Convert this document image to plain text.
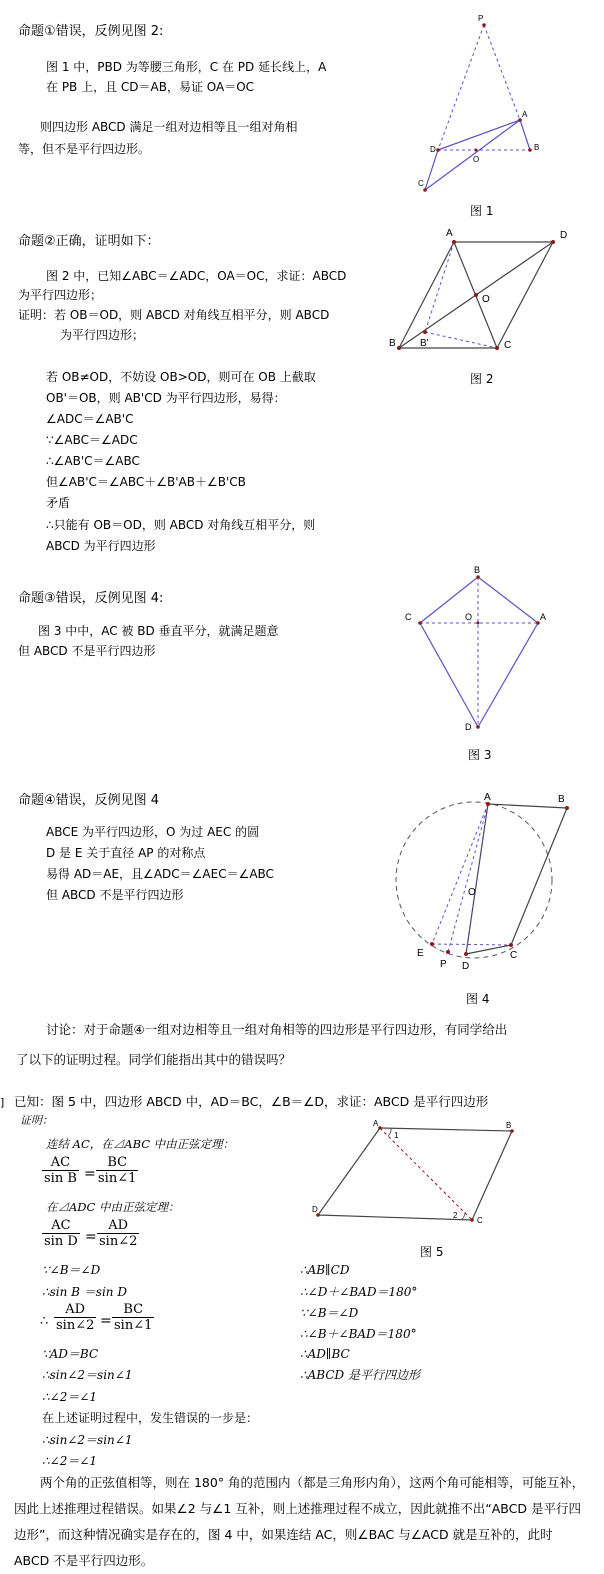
命题①错误，反例见图 2:
图 1 中，PBD 为等腰三角形，C 在 PD 延长线上，A
在 PB 上，且 CD＝AB，易证 OA＝OC
则四边形 ABCD 满足一组对边相等且一组对角相
等，但不是平行四边形。
P
A
D
O
B
C
图 1
命题②正确，证明如下：
图 2 中，已知∠ABC＝∠ADC，OA＝OC，求证：ABCD
为平行四边形；
证明：若 OB＝OD，则 ABCD 对角线互相平分，则 ABCD
为平行四边形；
若 OB≠OD，不妨设 OB>OD，则可在 OB 上截取
OB'＝OB，则 AB'CD 为平行四边形，易得：
∠ADC＝∠AB'C
∵∠ABC＝∠ADC
∴∠AB'C＝∠ABC
但∠AB'C＝∠ABC＋∠B'AB＋∠B'CB
矛盾
∴只能有 OB＝OD，则 ABCD 对角线互相平分，则
ABCD 为平行四边形
A	D
O
B B'	C
图 2
命题③错误，反例见图 4:
图 3 中中，AC 被 BD 垂直平分，就满足题意
但 ABCD 不是平行四边形
B
C	O	A
D
图 3
命题④错误，反例见图 4
ABCE 为平行四边形，O 为过 AEC 的圆
D 是 E 关于直径 AP 的对称点
易得 AD＝AE，且∠ADC＝∠AEC＝∠ABC
但 ABCD 不是平行四边形
A	B
O
E
P D
C
图 4
讨论：对于命题④一组对边相等且一组对角相等的四边形是平行四边形，有同学给出
了以下的证明过程。同学们能指出其中的错误吗？
] 已知：图 5 中，四边形 ABCD 中，AD＝BC，∠B＝∠D，求证：ABCD 是平行四边形
证明：
连结 AC，在⊿ABC 中由正弦定理：
$\frac{AC}{\text{sin B}} = \frac{BC}{\sin\angle 1}$
在⊿ADC 中由正弦定理：
$\frac{AC}{\text{sin D}} = \frac{AD}{\sin\angle 2}$
∵∠B＝∠D
∴sin B ＝sin D
∴ $\frac{AD}{\sin\angle 2} = \frac{BC}{\sin\angle 1}$
∵AD＝BC
∴sin∠2＝sin∠1
∴∠2＝∠1
∴AB∥CD
∴∠D＋∠BAD＝180°
∵∠B＝∠D
∴∠B＋∠BAD＝180°
∴AD∥BC
∴ABCD 是平行四边形
A
1
B
D
2
C
图 5
在上述证明过程中，发生错误的一步是：
∴sin∠2＝sin∠1
∴∠2＝∠1
两个角的正弦值相等，则在 180° 角的范围内（都是三角形内角），这两个角可能相等，可能互补，因此上述推理过程错误。如果∠2 与∠1 互补，则上述推理过程不成立，因此就推不出“ABCD 是平行四边形”，而这种情况确实是存在的，图 4 中，如果连结 AC，则∠BAC 与∠ACD 就是互补的，此时 ABCD 不是平行四边形。
